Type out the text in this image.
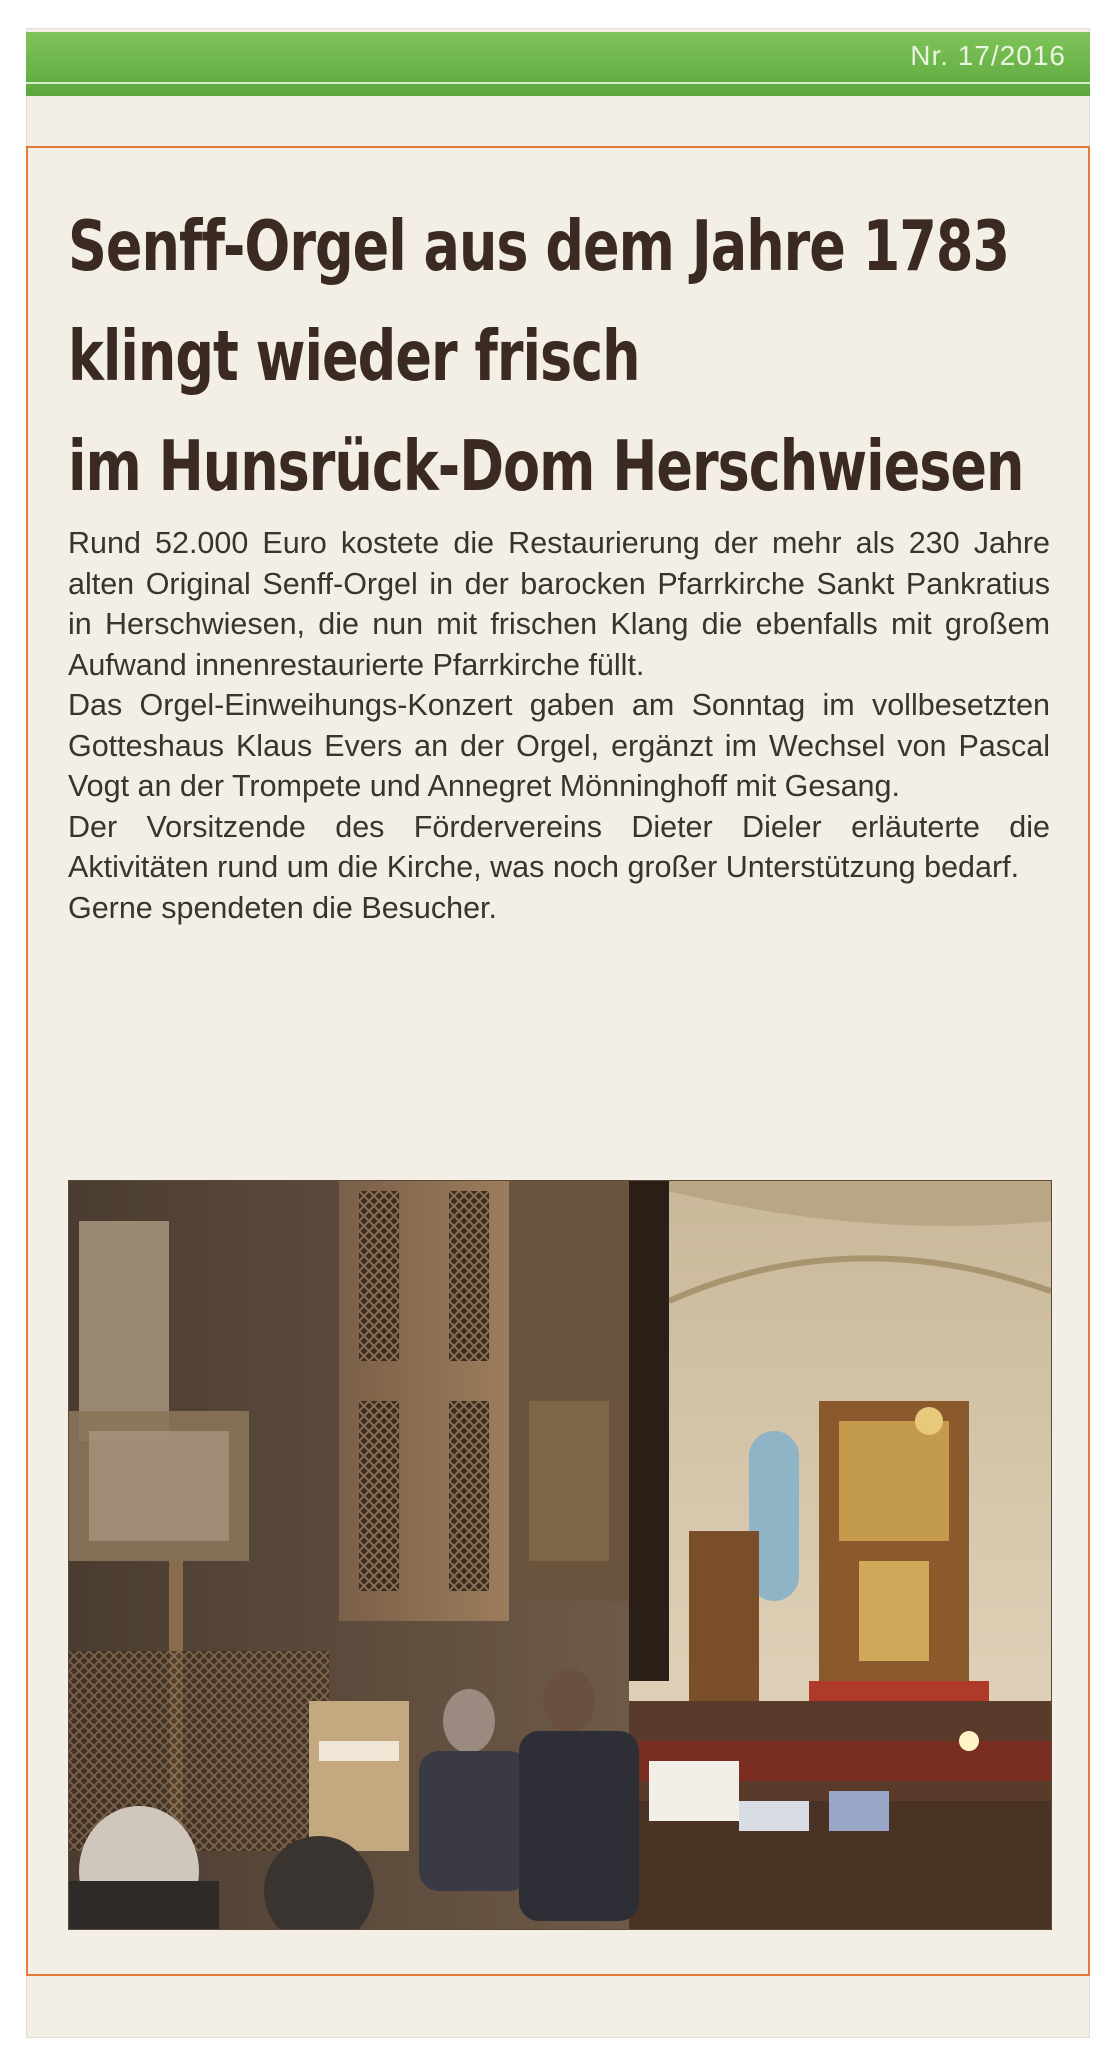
Nr. 17/2016
Senff-Orgel aus dem Jahre 1783
klingt wieder frisch
im Hunsrück-Dom Herschwiesen

Rund 52.000 Euro kostete die Restaurierung der mehr als 230 Jahre alten Original Senff-Orgel in der barocken Pfarrkirche Sankt Pankratius in Herschwiesen, die nun mit frischen Klang die ebenfalls mit großem Aufwand innenrestaurierte Pfarrkirche füllt.

Das Orgel-Einweihungs-Konzert gaben am Sonntag im vollbesetzten Gotteshaus Klaus Evers an der Orgel, ergänzt im Wechsel von Pascal Vogt an der Trompete und Annegret Mönninghoff mit Gesang.

Der Vorsitzende des Fördervereins Dieter Dieler erläuterte die Aktivitäten rund um die Kirche, was noch großer Unterstützung bedarf.

Gerne spendeten die Besucher.
